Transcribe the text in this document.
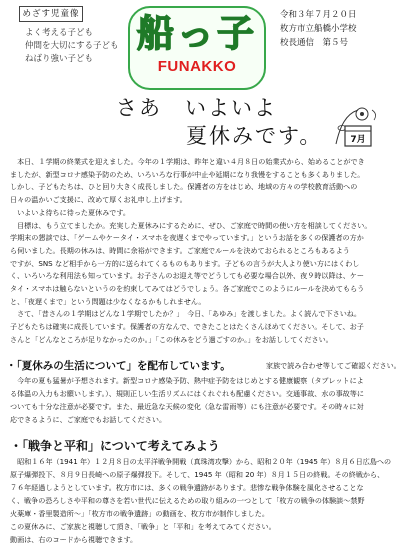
めざす児童像
よく考える子ども
仲間を大切にする子ども
ねばり強い子ども
船っ子
FUNAKKO
令和３年７月２０日
枚方市立船橋小学校
校長通信　第５号
さあ　いよいよ
夏休みです。	7月
　本日、１学期の終業式を迎えました。今年の１学期は、昨年と違い４月８日の始業式から、始めることができ
ましたが、新型コロナ感染予防のため、いろいろな行事が中止や延期になり我慢をすることも多くありました。
しかし、子どもたちは、ひと回り大きく成長しました。保護者の方をはじめ、地域の方々の学校教育活動への
日々の温かいご支援に、改めて厚くお礼申し上げます。
　いよいよ待ちに待った夏休みです。
　目標は、もう立てましたか。充実した夏休みにするために、ぜひ、ご家庭で時間の使い方を相談してください。
学期末の懇談では、「ゲームやケータイ・スマホを夜遅くまでやっています。」というお話を多くの保護者の方か
ら伺いました。長期の休みは、時間に余裕ができます。ご家庭でルールを決めておられるところもあるよう
ですが、SNS など相手から一方的に送られてくるものもあります。子どもの言うが大人より使い方にはくわし
く、いろいろな利用法も知っています。お子さんのお迎え等でどうしても必要な場合以外、夜９時以降は、ケー
タイ・スマホは触らないというのを約束してみてはどうでしょう。各ご家庭でこのようにルールを決めてもらう
と、「夜遅くまで」という問題は少なくなるかもしれません。
　さて、「昔さんの１学期はどんな１学期でしたか？」　今日、「あゆみ」を渡しました。よく読んで下さいね。
子どもたちは確実に成長しています。保護者の方なんで、できたことはたくさんほめてください。そして、お子
さんと「どんなところが足りなかったのか。」「この休みをどう過ごすのか。」をお話ししてください。
・「夏休みの生活について」を配布しています。	家族で読み合わせ等してご確認ください。
　今年の夏も猛暑が予想されます。新型コロナ感染予防、熱中症予防をはじめとする健康観察（タブレットによ
る体温の入力もお願いします。）、規則正しい生活リズムにはくれぐれも配慮ください。交通事故、水の事故等に
ついても十分な注意が必要です。また、最近急な天候の変化（急な雷雨等）にも注意が必要です。その時々に対
応できるように、ご家庭でもお話してください。
・「戦争と平和」について考えてみよう
　昭和１６年（1941 年）１２月８日の太平洋戦争開戦（真珠湾攻撃）から、昭和２０年（1945 年）８月６日広島への
原子爆弾投下、８月９日長崎への原子爆弾投下。そして、1945 年（昭和 20 年）８月１５日の終戦。その終戦から、
７６年経過しようとしています。枚方市には、多くの戦争遺跡があります。悲惨な戦争体験を風化させることな
く、戦争の恐ろしさや平和の尊さを若い世代に伝えるための取り組みの一つとして「枚方の戦争の体験談～禁野
火薬庫・香里製造所～」「枚方市の戦争遺跡」の動画を、枚方市が制作しました。
この夏休みに、ご家族と視聴して頂き、「戦争」と「平和」を考えてみてください。
動画は、右のコードから視聴できます。
